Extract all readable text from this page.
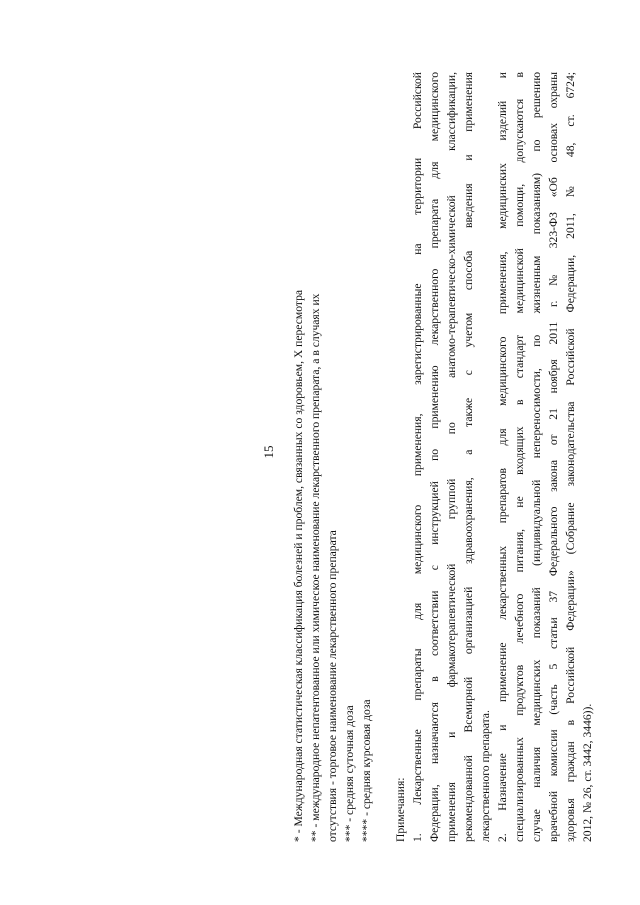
15 * - Международная статистическая классификация болезней и проблем, связанных со здоровьем, X пересмотра ** - международное непатентованное или химическое наименование лекарственного препарата, а в случаях их отсутствия - торговое наименование лекарственного препарата *** - средняя суточная доза **** - средняя курсовая доза Примечания: 1. Лекарственные препараты для медицинского применения, зарегистрированные на территории Российской Федерации, назначаются в соответствии с инструкцией по применению лекарственного препарата для медицинского применения и фармакотерапевтической группой по анатомо-терапевтическо-химической классификации, рекомендованной Всемирной организацией здравоохранения, а также с учетом способа введения и применения лекарственного препарата. 2. Назначение и применение лекарственных препаратов для медицинского применения, медицинских изделий и специализированных продуктов лечебного питания, не входящих в стандарт медицинской помощи, допускаются в случае наличия медицинских показаний (индивидуальной непереносимости, по жизненным показаниям) по решению врачебной комиссии (часть 5 статьи 37 Федерального закона от 21 ноября 2011 г. № 323-ФЗ «Об основах охраны здоровья граждан в Российской Федерации» (Собрание законодательства Российской Федерации, 2011, № 48, ст. 6724; 2012, № 26, ст. 3442, 3446)).
